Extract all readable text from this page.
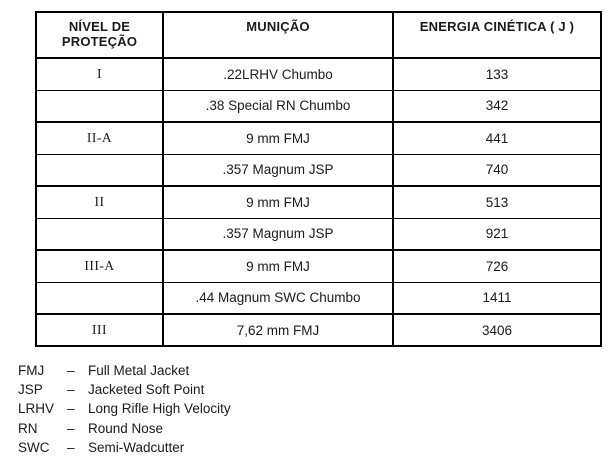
NÍVEL DE PROTEÇÃO	MUNIÇÃO	ENERGIA CINÉTICA ( J )
I	.22LRHV Chumbo	133
	.38 Special RN Chumbo	342
II-A	9 mm FMJ	441
	.357 Magnum JSP	740
II	9 mm FMJ	513
	.357 Magnum JSP	921
III-A	9 mm FMJ	726
	.44 Magnum SWC Chumbo	1411
III	7,62 mm FMJ	3406
FMJ	– Full Metal Jacket
JSP	– Jacketed Soft Point
LRHV – Long Rifle High Velocity
RN	– Round Nose
SWC	– Semi-Wadcutter
